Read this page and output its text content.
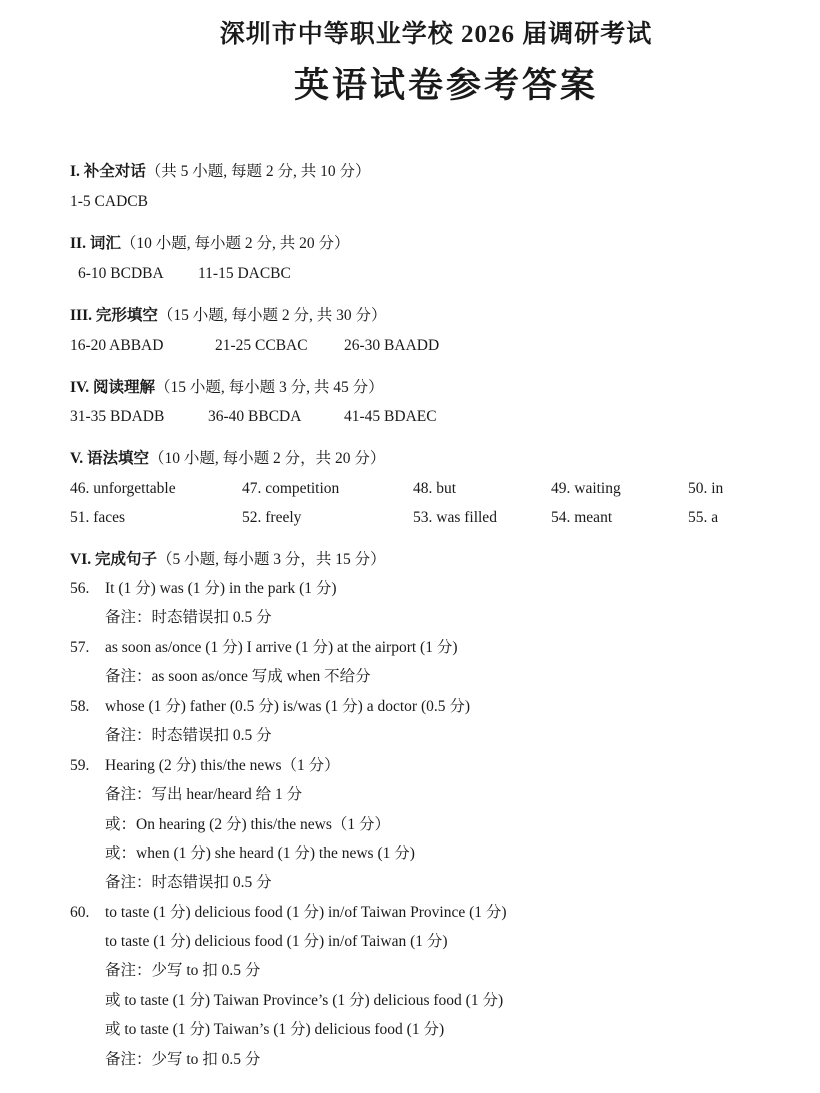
深圳市中等职业学校 2026 届调研考试
英语试卷参考答案
I. 补全对话（共 5 小题, 每题 2 分, 共 10 分）
1-5 CADCB
II. 词汇（10 小题, 每小题 2 分, 共 20 分）
6-10 BCDBA 11-15 DACBC
III. 完形填空（15 小题, 每小题 2 分, 共 30 分）
16-20 ABBAD	21-25 CCBAC 26-30 BAADD
IV. 阅读理解（15 小题, 每小题 3 分, 共 45 分）
31-35 BDADB	36-40 BBCDA	41-45 BDAEC
V. 语法填空（10 小题, 每小题 2 分，共 20 分）
46. unforgettable	47. competition	48. but	49. waiting	50. in
51. faces	52. freely	53. was filled	54. meant	55. a
VI. 完成句子（5 小题, 每小题 3 分，共 15 分）
56. It (1 分) was (1 分) in the park (1 分)
备注：时态错误扣 0.5 分
57. as soon as/once (1 分) I arrive (1 分) at the airport (1 分)
备注：as soon as/once 写成 when 不给分
58. whose (1 分) father (0.5 分) is/was (1 分) a doctor (0.5 分)
备注：时态错误扣 0.5 分
59. Hearing (2 分) this/the news（1 分）
备注：写出 hear/heard 给 1 分
或：On hearing (2 分) this/the news（1 分）
或：when (1 分) she heard (1 分) the news (1 分)
备注：时态错误扣 0.5 分
60. to taste (1 分) delicious food (1 分) in/of Taiwan Province (1 分)
to taste (1 分) delicious food (1 分) in/of Taiwan (1 分)
备注：少写 to 扣 0.5 分
或 to taste (1 分) Taiwan Province’s (1 分) delicious food (1 分)
或 to taste (1 分) Taiwan’s (1 分) delicious food (1 分)
备注：少写 to 扣 0.5 分
